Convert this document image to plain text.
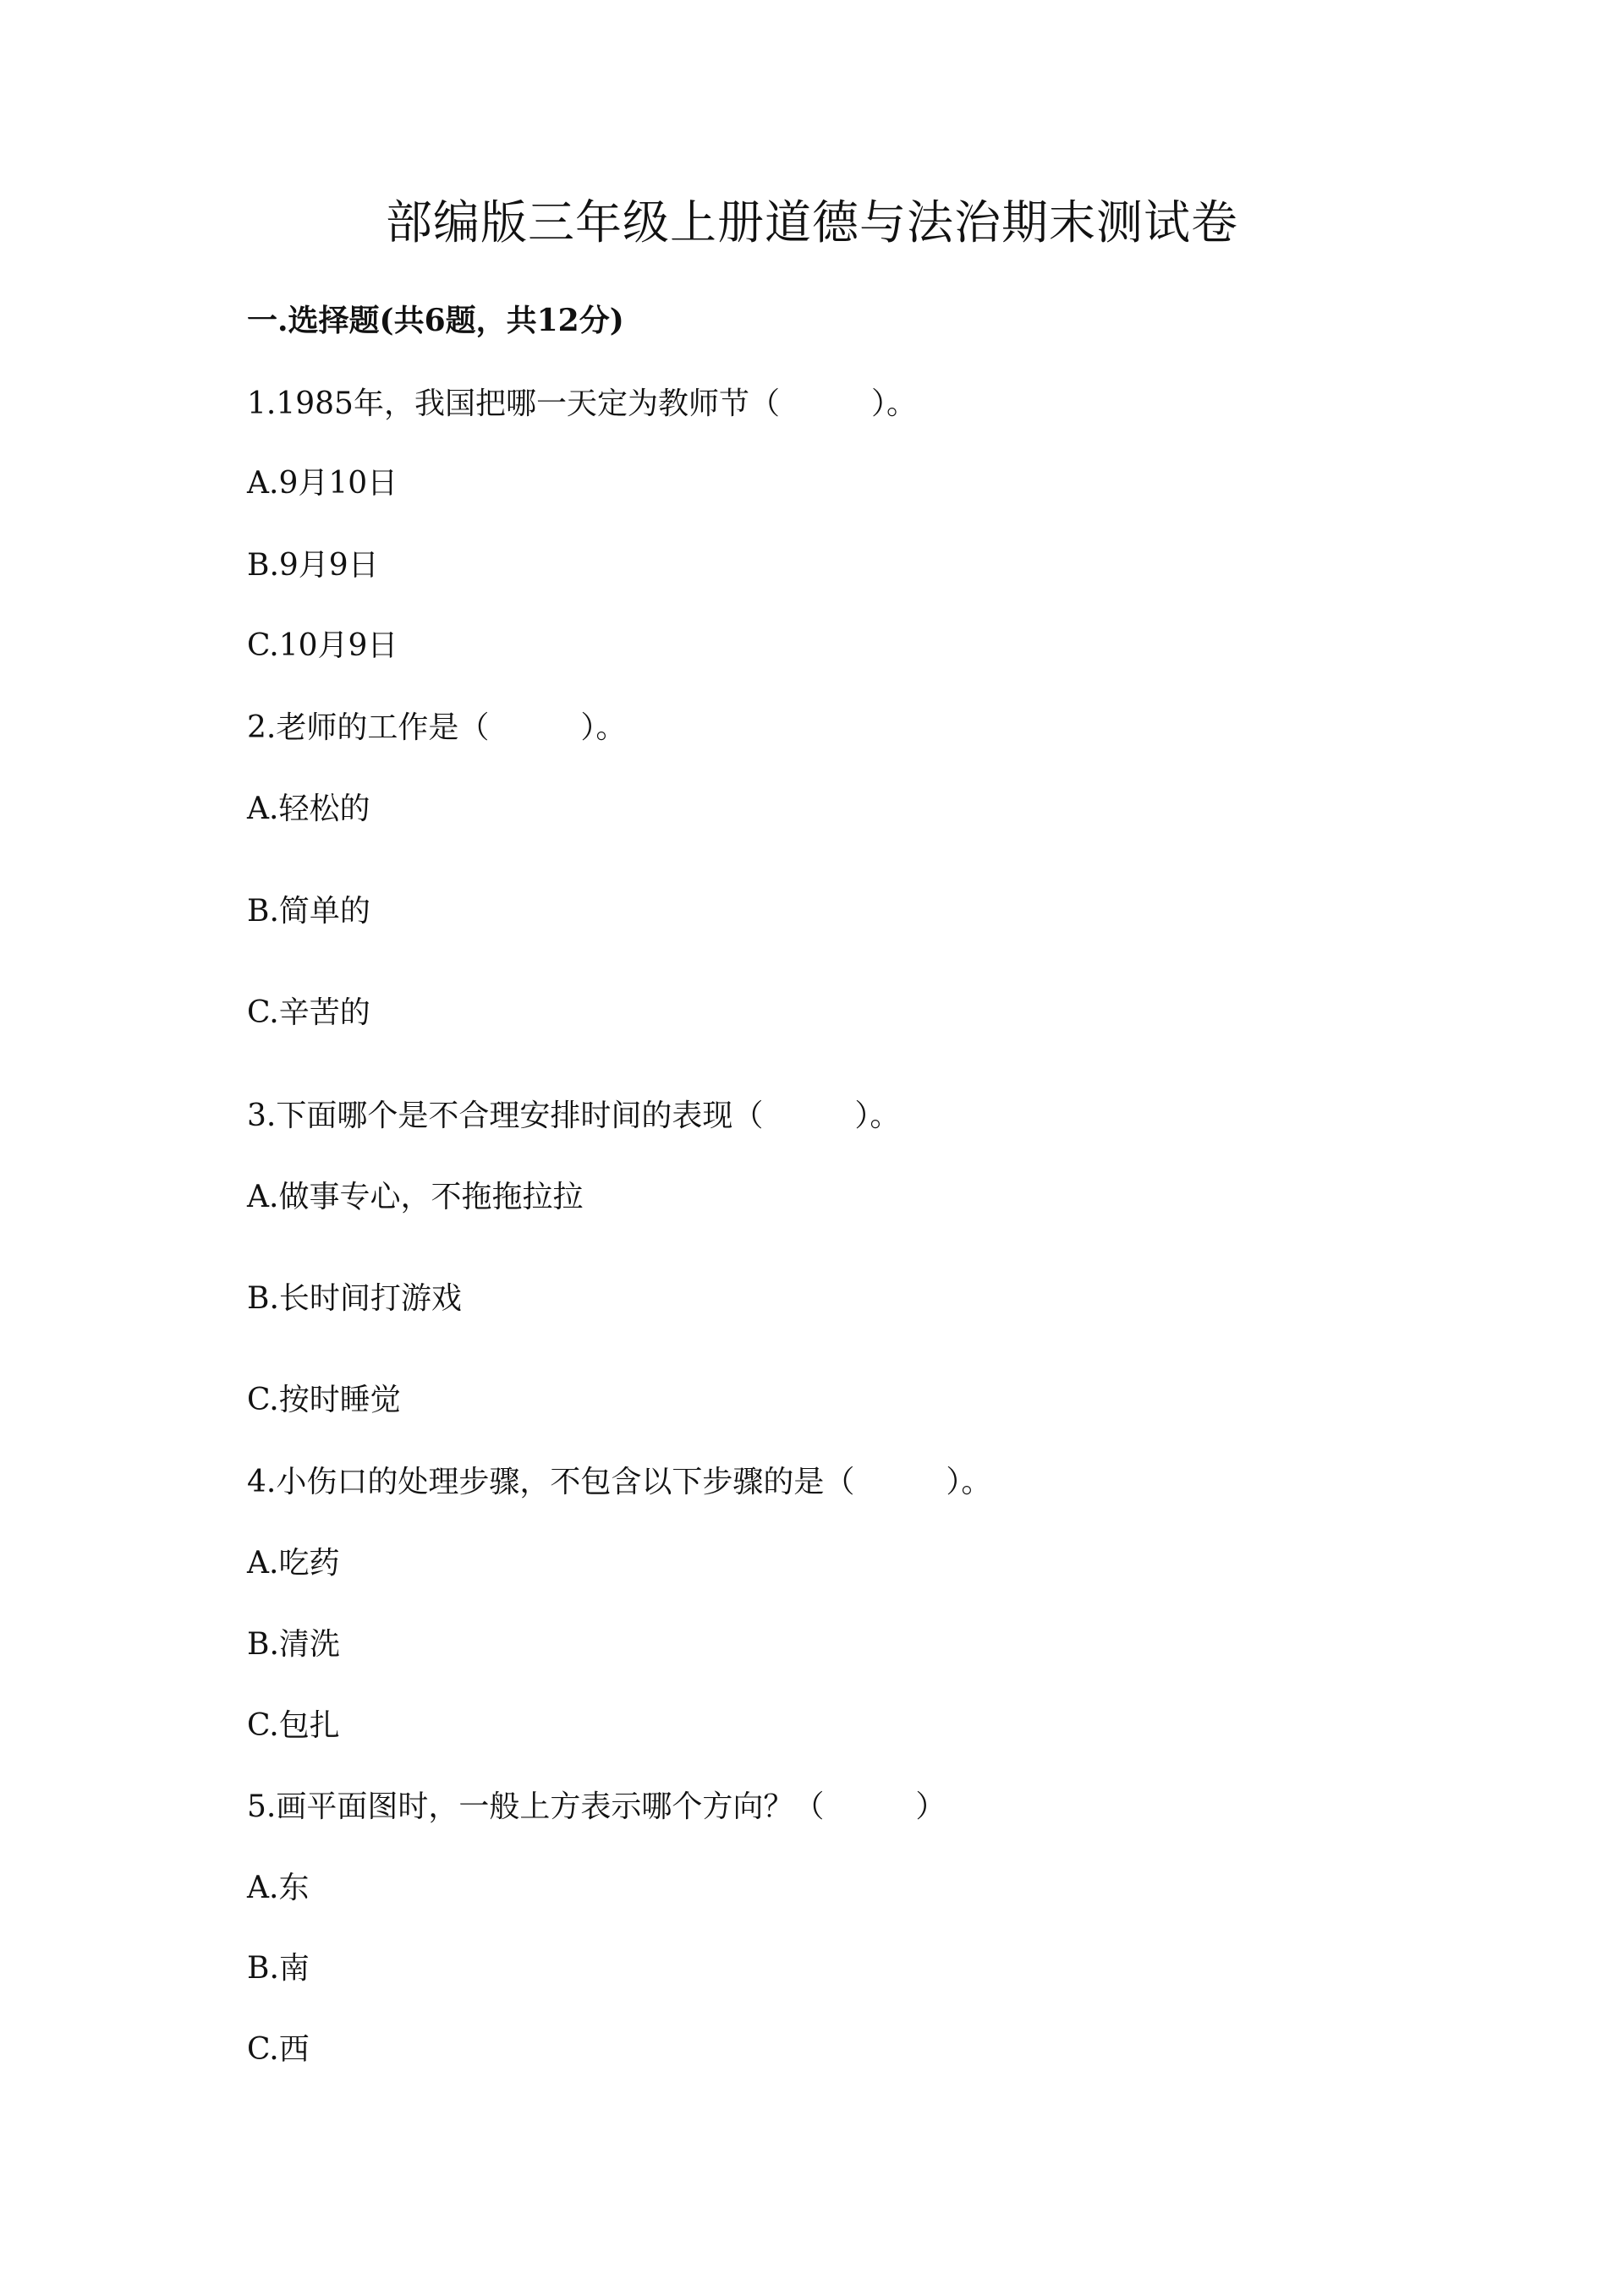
部编版三年级上册道德与法治期末测试卷
一.选择题(共6题，共12分)
1.1985年，我国把哪一天定为教师节（　　　）。
A.9月10日
B.9月9日
C.10月9日
2.老师的工作是（　　　）。
A.轻松的
B.简单的
C.辛苦的
3.下面哪个是不合理安排时间的表现（　　　）。
A.做事专心，不拖拖拉拉
B.长时间打游戏
C.按时睡觉
4.小伤口的处理步骤，不包含以下步骤的是（　　　）。
A.吃药
B.清洗
C.包扎
5.画平面图时，一般上方表示哪个方向？（　　　）
A.东
B.南
C.西
